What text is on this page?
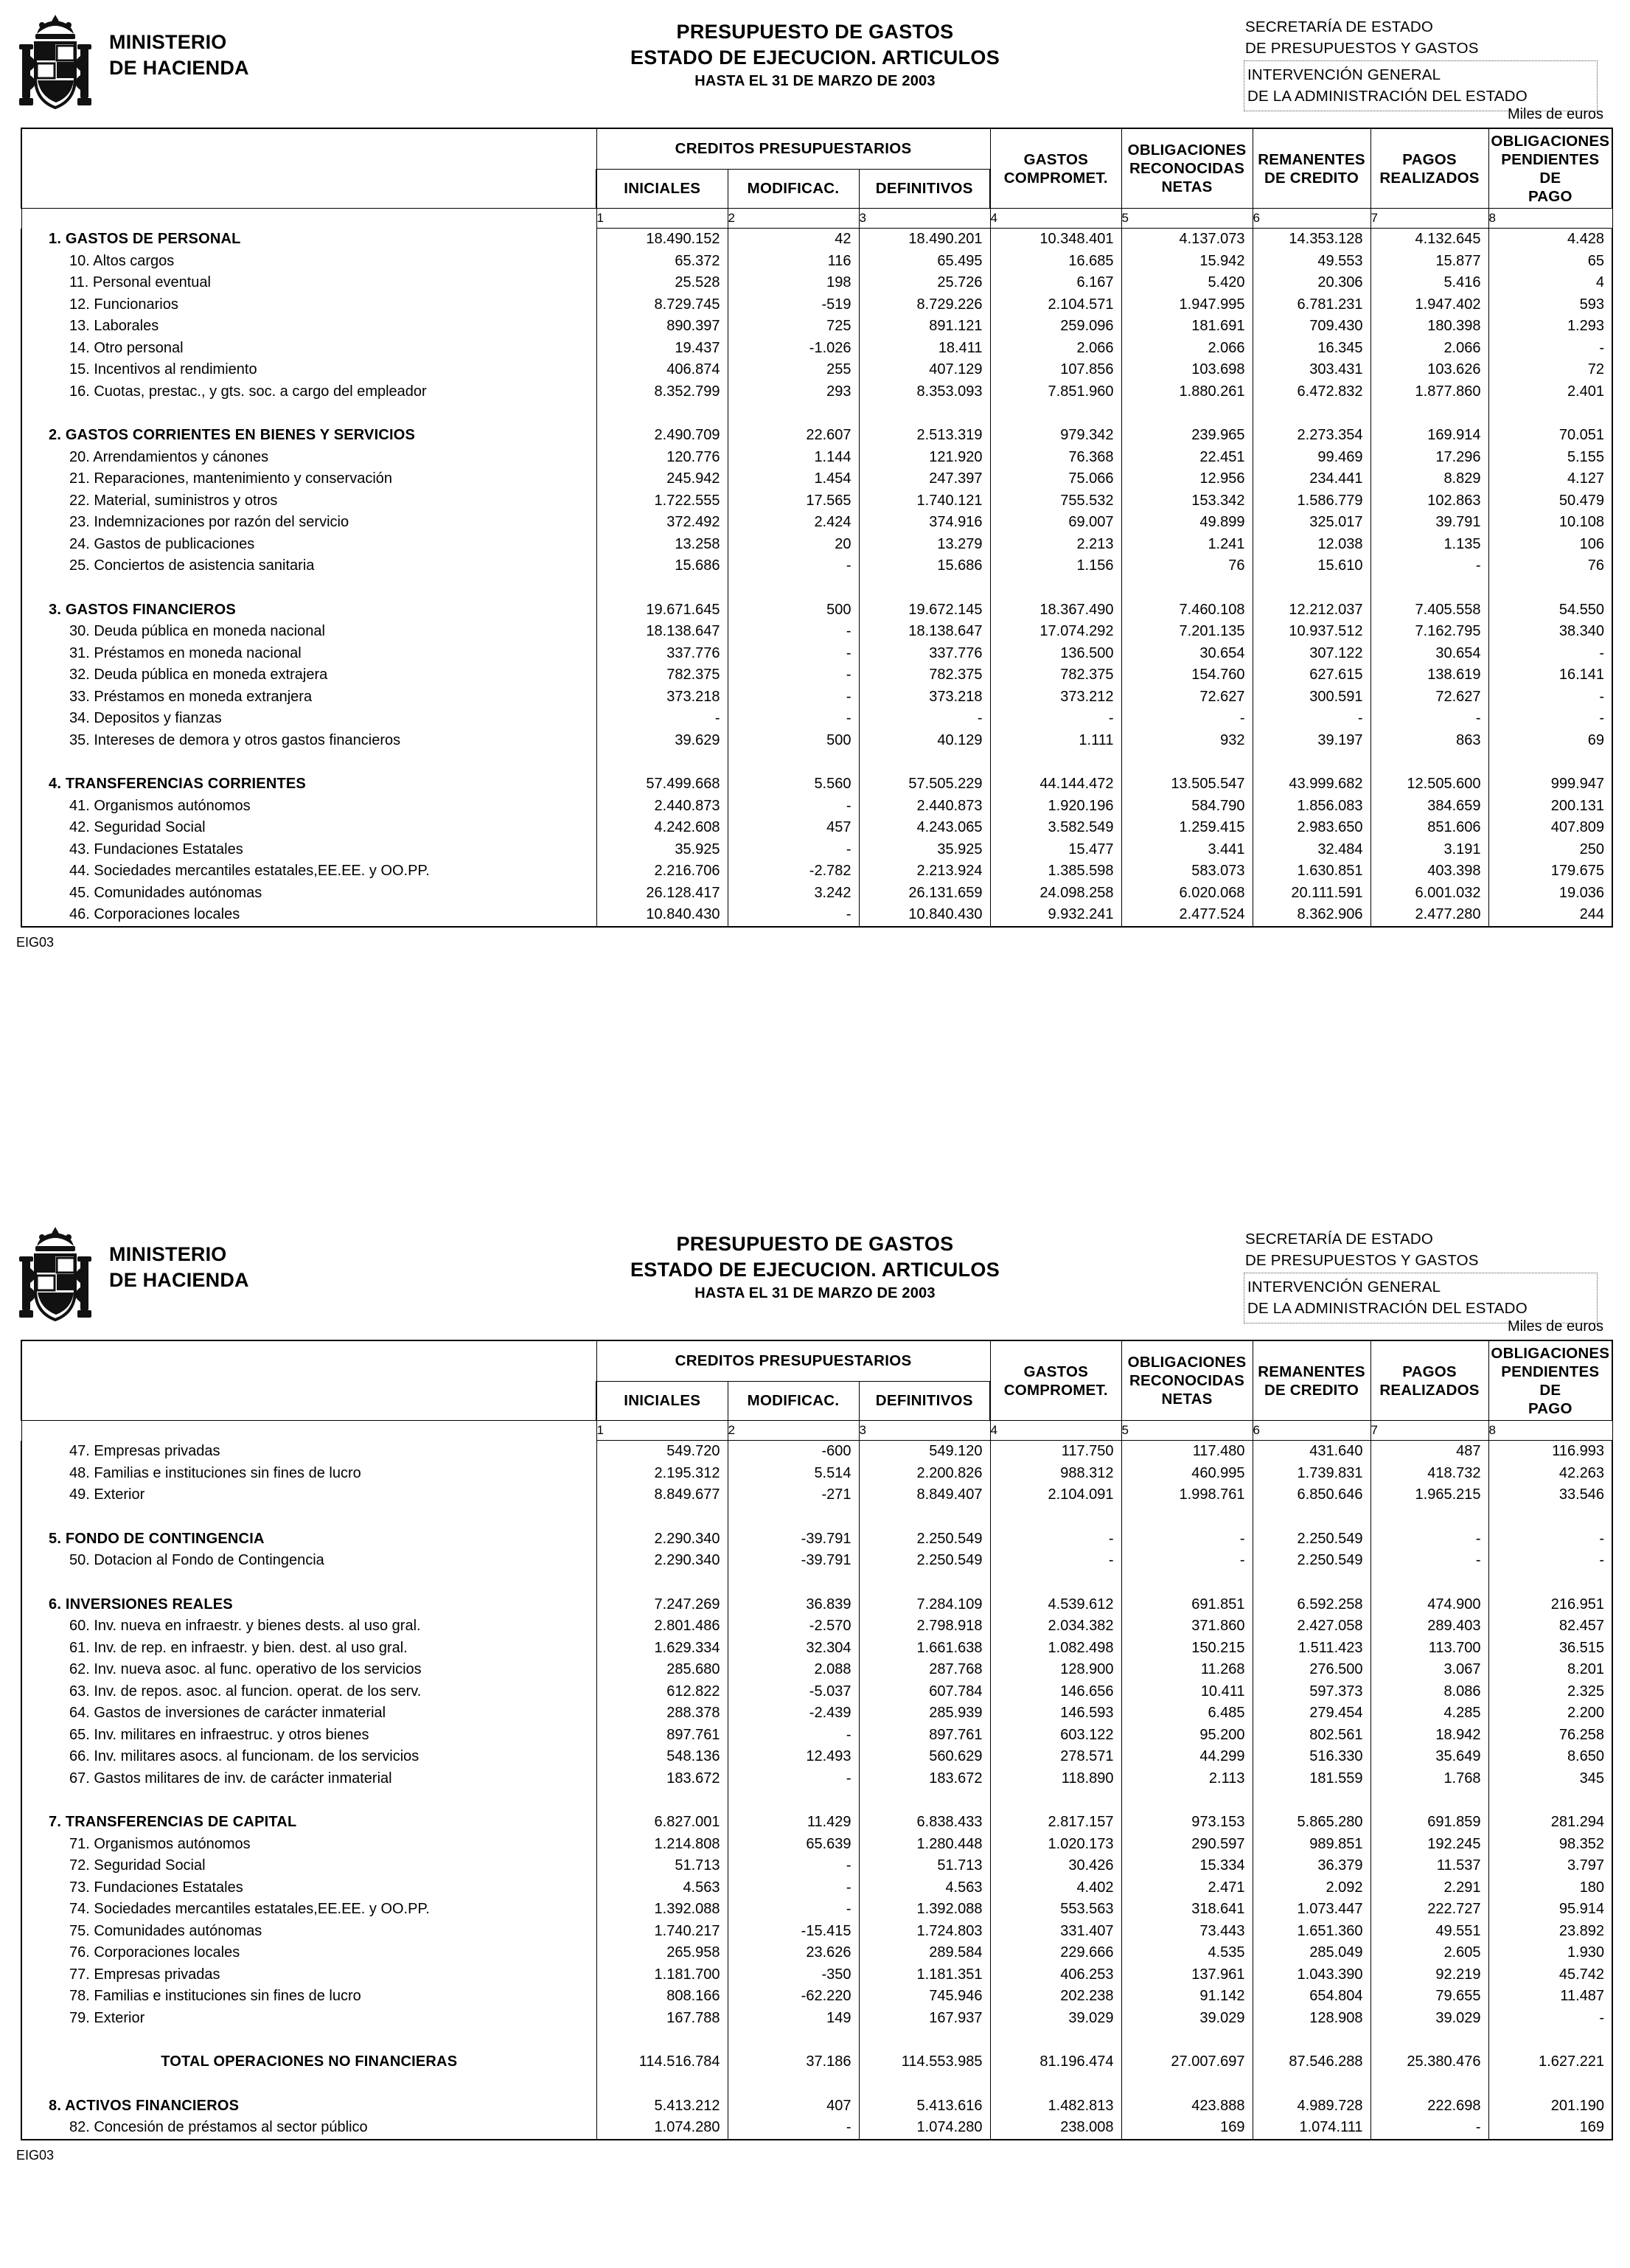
MINISTERIO
DE HACIENDA
PRESUPUESTO DE GASTOS
ESTADO DE EJECUCION. ARTICULOS
HASTA EL 31 DE MARZO DE 2003
SECRETARÍA DE ESTADO
DE PRESUPUESTOS Y GASTOS
INTERVENCIÓN GENERAL
DE LA ADMINISTRACIÓN DEL ESTADO
Miles de euros
	CREDITOS PRESUPUESTARIOS	
GASTOS
COMPROMET.

OBLIGACIONES
RECONOCIDAS
NETAS

REMANENTES
DE CREDITO

PAGOS
REALIZADOS

OBLIGACIONES
PENDIENTES DE
PAGO

	INICIALES	MODIFICAC.	DEFINITIVOS					
	1	2	3	4	5	6	7	8
1. GASTOS DE PERSONAL	18.490.152	42	18.490.201	10.348.401	4.137.073	14.353.128	4.132.645	4.428
10. Altos cargos	65.372	116	65.495	16.685	15.942	49.553	15.877	65
11. Personal eventual	25.528	198	25.726	6.167	5.420	20.306	5.416	4
12. Funcionarios	8.729.745	-519	8.729.226	2.104.571	1.947.995	6.781.231	1.947.402	593
13. Laborales	890.397	725	891.121	259.096	181.691	709.430	180.398	1.293
14. Otro personal	19.437	-1.026	18.411	2.066	2.066	16.345	2.066	-
15. Incentivos al rendimiento	406.874	255	407.129	107.856	103.698	303.431	103.626	72
16. Cuotas, prestac., y gts. soc. a cargo del empleador	8.352.799	293	8.353.093	7.851.960	1.880.261	6.472.832	1.877.860	2.401

2. GASTOS CORRIENTES EN BIENES Y SERVICIOS	2.490.709	22.607	2.513.319	979.342	239.965	2.273.354	169.914	70.051
20. Arrendamientos y cánones	120.776	1.144	121.920	76.368	22.451	99.469	17.296	5.155
21. Reparaciones, mantenimiento y conservación	245.942	1.454	247.397	75.066	12.956	234.441	8.829	4.127
22. Material, suministros y otros	1.722.555	17.565	1.740.121	755.532	153.342	1.586.779	102.863	50.479
23. Indemnizaciones por razón del servicio	372.492	2.424	374.916	69.007	49.899	325.017	39.791	10.108
24. Gastos de publicaciones	13.258	20	13.279	2.213	1.241	12.038	1.135	106
25. Conciertos de asistencia sanitaria	15.686	-	15.686	1.156	76	15.610	-	76

3. GASTOS FINANCIEROS	19.671.645	500	19.672.145	18.367.490	7.460.108	12.212.037	7.405.558	54.550
30. Deuda pública en moneda nacional	18.138.647	-	18.138.647	17.074.292	7.201.135	10.937.512	7.162.795	38.340
31. Préstamos en moneda nacional	337.776	-	337.776	136.500	30.654	307.122	30.654	-
32. Deuda pública en moneda extrajera	782.375	-	782.375	782.375	154.760	627.615	138.619	16.141
33. Préstamos en moneda extranjera	373.218	-	373.218	373.212	72.627	300.591	72.627	-
34. Depositos y fianzas	-	-	-	-	-	-	-	-
35. Intereses de demora y otros gastos financieros	39.629	500	40.129	1.111	932	39.197	863	69

4. TRANSFERENCIAS CORRIENTES	57.499.668	5.560	57.505.229	44.144.472	13.505.547	43.999.682	12.505.600	999.947
41. Organismos autónomos	2.440.873	-	2.440.873	1.920.196	584.790	1.856.083	384.659	200.131
42. Seguridad Social	4.242.608	457	4.243.065	3.582.549	1.259.415	2.983.650	851.606	407.809
43. Fundaciones Estatales	35.925	-	35.925	15.477	3.441	32.484	3.191	250
44. Sociedades mercantiles estatales,EE.EE. y OO.PP.	2.216.706	-2.782	2.213.924	1.385.598	583.073	1.630.851	403.398	179.675
45. Comunidades autónomas	26.128.417	3.242	26.131.659	24.098.258	6.020.068	20.111.591	6.001.032	19.036
46. Corporaciones locales	10.840.430	-	10.840.430	9.932.241	2.477.524	8.362.906	2.477.280	244
EIG03
MINISTERIO
DE HACIENDA
PRESUPUESTO DE GASTOS
ESTADO DE EJECUCION. ARTICULOS
HASTA EL 31 DE MARZO DE 2003
SECRETARÍA DE ESTADO
DE PRESUPUESTOS Y GASTOS
INTERVENCIÓN GENERAL
DE LA ADMINISTRACIÓN DEL ESTADO
Miles de euros
	CREDITOS PRESUPUESTARIOS	
GASTOS
COMPROMET.

OBLIGACIONES
RECONOCIDAS
NETAS

REMANENTES
DE CREDITO

PAGOS
REALIZADOS

OBLIGACIONES
PENDIENTES DE
PAGO

	INICIALES	MODIFICAC.	DEFINITIVOS					
	1	2	3	4	5	6	7	8
47. Empresas privadas	549.720	-600	549.120	117.750	117.480	431.640	487	116.993
48. Familias e instituciones sin fines de lucro	2.195.312	5.514	2.200.826	988.312	460.995	1.739.831	418.732	42.263
49. Exterior	8.849.677	-271	8.849.407	2.104.091	1.998.761	6.850.646	1.965.215	33.546

5. FONDO DE CONTINGENCIA	2.290.340	-39.791	2.250.549	-	-	2.250.549	-	-
50. Dotacion al Fondo de Contingencia	2.290.340	-39.791	2.250.549	-	-	2.250.549	-	-

6. INVERSIONES REALES	7.247.269	36.839	7.284.109	4.539.612	691.851	6.592.258	474.900	216.951
60. Inv. nueva en infraestr. y bienes dests. al uso gral.	2.801.486	-2.570	2.798.918	2.034.382	371.860	2.427.058	289.403	82.457
61. Inv. de rep. en infraestr. y bien. dest. al uso gral.	1.629.334	32.304	1.661.638	1.082.498	150.215	1.511.423	113.700	36.515
62. Inv. nueva asoc. al func. operativo de los servicios	285.680	2.088	287.768	128.900	11.268	276.500	3.067	8.201
63. Inv. de repos. asoc. al funcion. operat. de los serv.	612.822	-5.037	607.784	146.656	10.411	597.373	8.086	2.325
64. Gastos de inversiones de carácter inmaterial	288.378	-2.439	285.939	146.593	6.485	279.454	4.285	2.200
65. Inv. militares en infraestruc. y otros bienes	897.761	-	897.761	603.122	95.200	802.561	18.942	76.258
66. Inv. militares asocs. al funcionam. de los servicios	548.136	12.493	560.629	278.571	44.299	516.330	35.649	8.650
67. Gastos militares de inv. de carácter inmaterial	183.672	-	183.672	118.890	2.113	181.559	1.768	345

7. TRANSFERENCIAS DE CAPITAL	6.827.001	11.429	6.838.433	2.817.157	973.153	5.865.280	691.859	281.294
71. Organismos autónomos	1.214.808	65.639	1.280.448	1.020.173	290.597	989.851	192.245	98.352
72. Seguridad Social	51.713	-	51.713	30.426	15.334	36.379	11.537	3.797
73. Fundaciones Estatales	4.563	-	4.563	4.402	2.471	2.092	2.291	180
74. Sociedades mercantiles estatales,EE.EE. y OO.PP.	1.392.088	-	1.392.088	553.563	318.641	1.073.447	222.727	95.914
75. Comunidades autónomas	1.740.217	-15.415	1.724.803	331.407	73.443	1.651.360	49.551	23.892
76. Corporaciones locales	265.958	23.626	289.584	229.666	4.535	285.049	2.605	1.930
77. Empresas privadas	1.181.700	-350	1.181.351	406.253	137.961	1.043.390	92.219	45.742
78. Familias e instituciones sin fines de lucro	808.166	-62.220	745.946	202.238	91.142	654.804	79.655	11.487
79. Exterior	167.788	149	167.937	39.029	39.029	128.908	39.029	-

TOTAL OPERACIONES NO FINANCIERAS	114.516.784	37.186	114.553.985	81.196.474	27.007.697	87.546.288	25.380.476	1.627.221

8. ACTIVOS FINANCIEROS	5.413.212	407	5.413.616	1.482.813	423.888	4.989.728	222.698	201.190
82. Concesión de préstamos al sector público	1.074.280	-	1.074.280	238.008	169	1.074.111	-	169
EIG03
